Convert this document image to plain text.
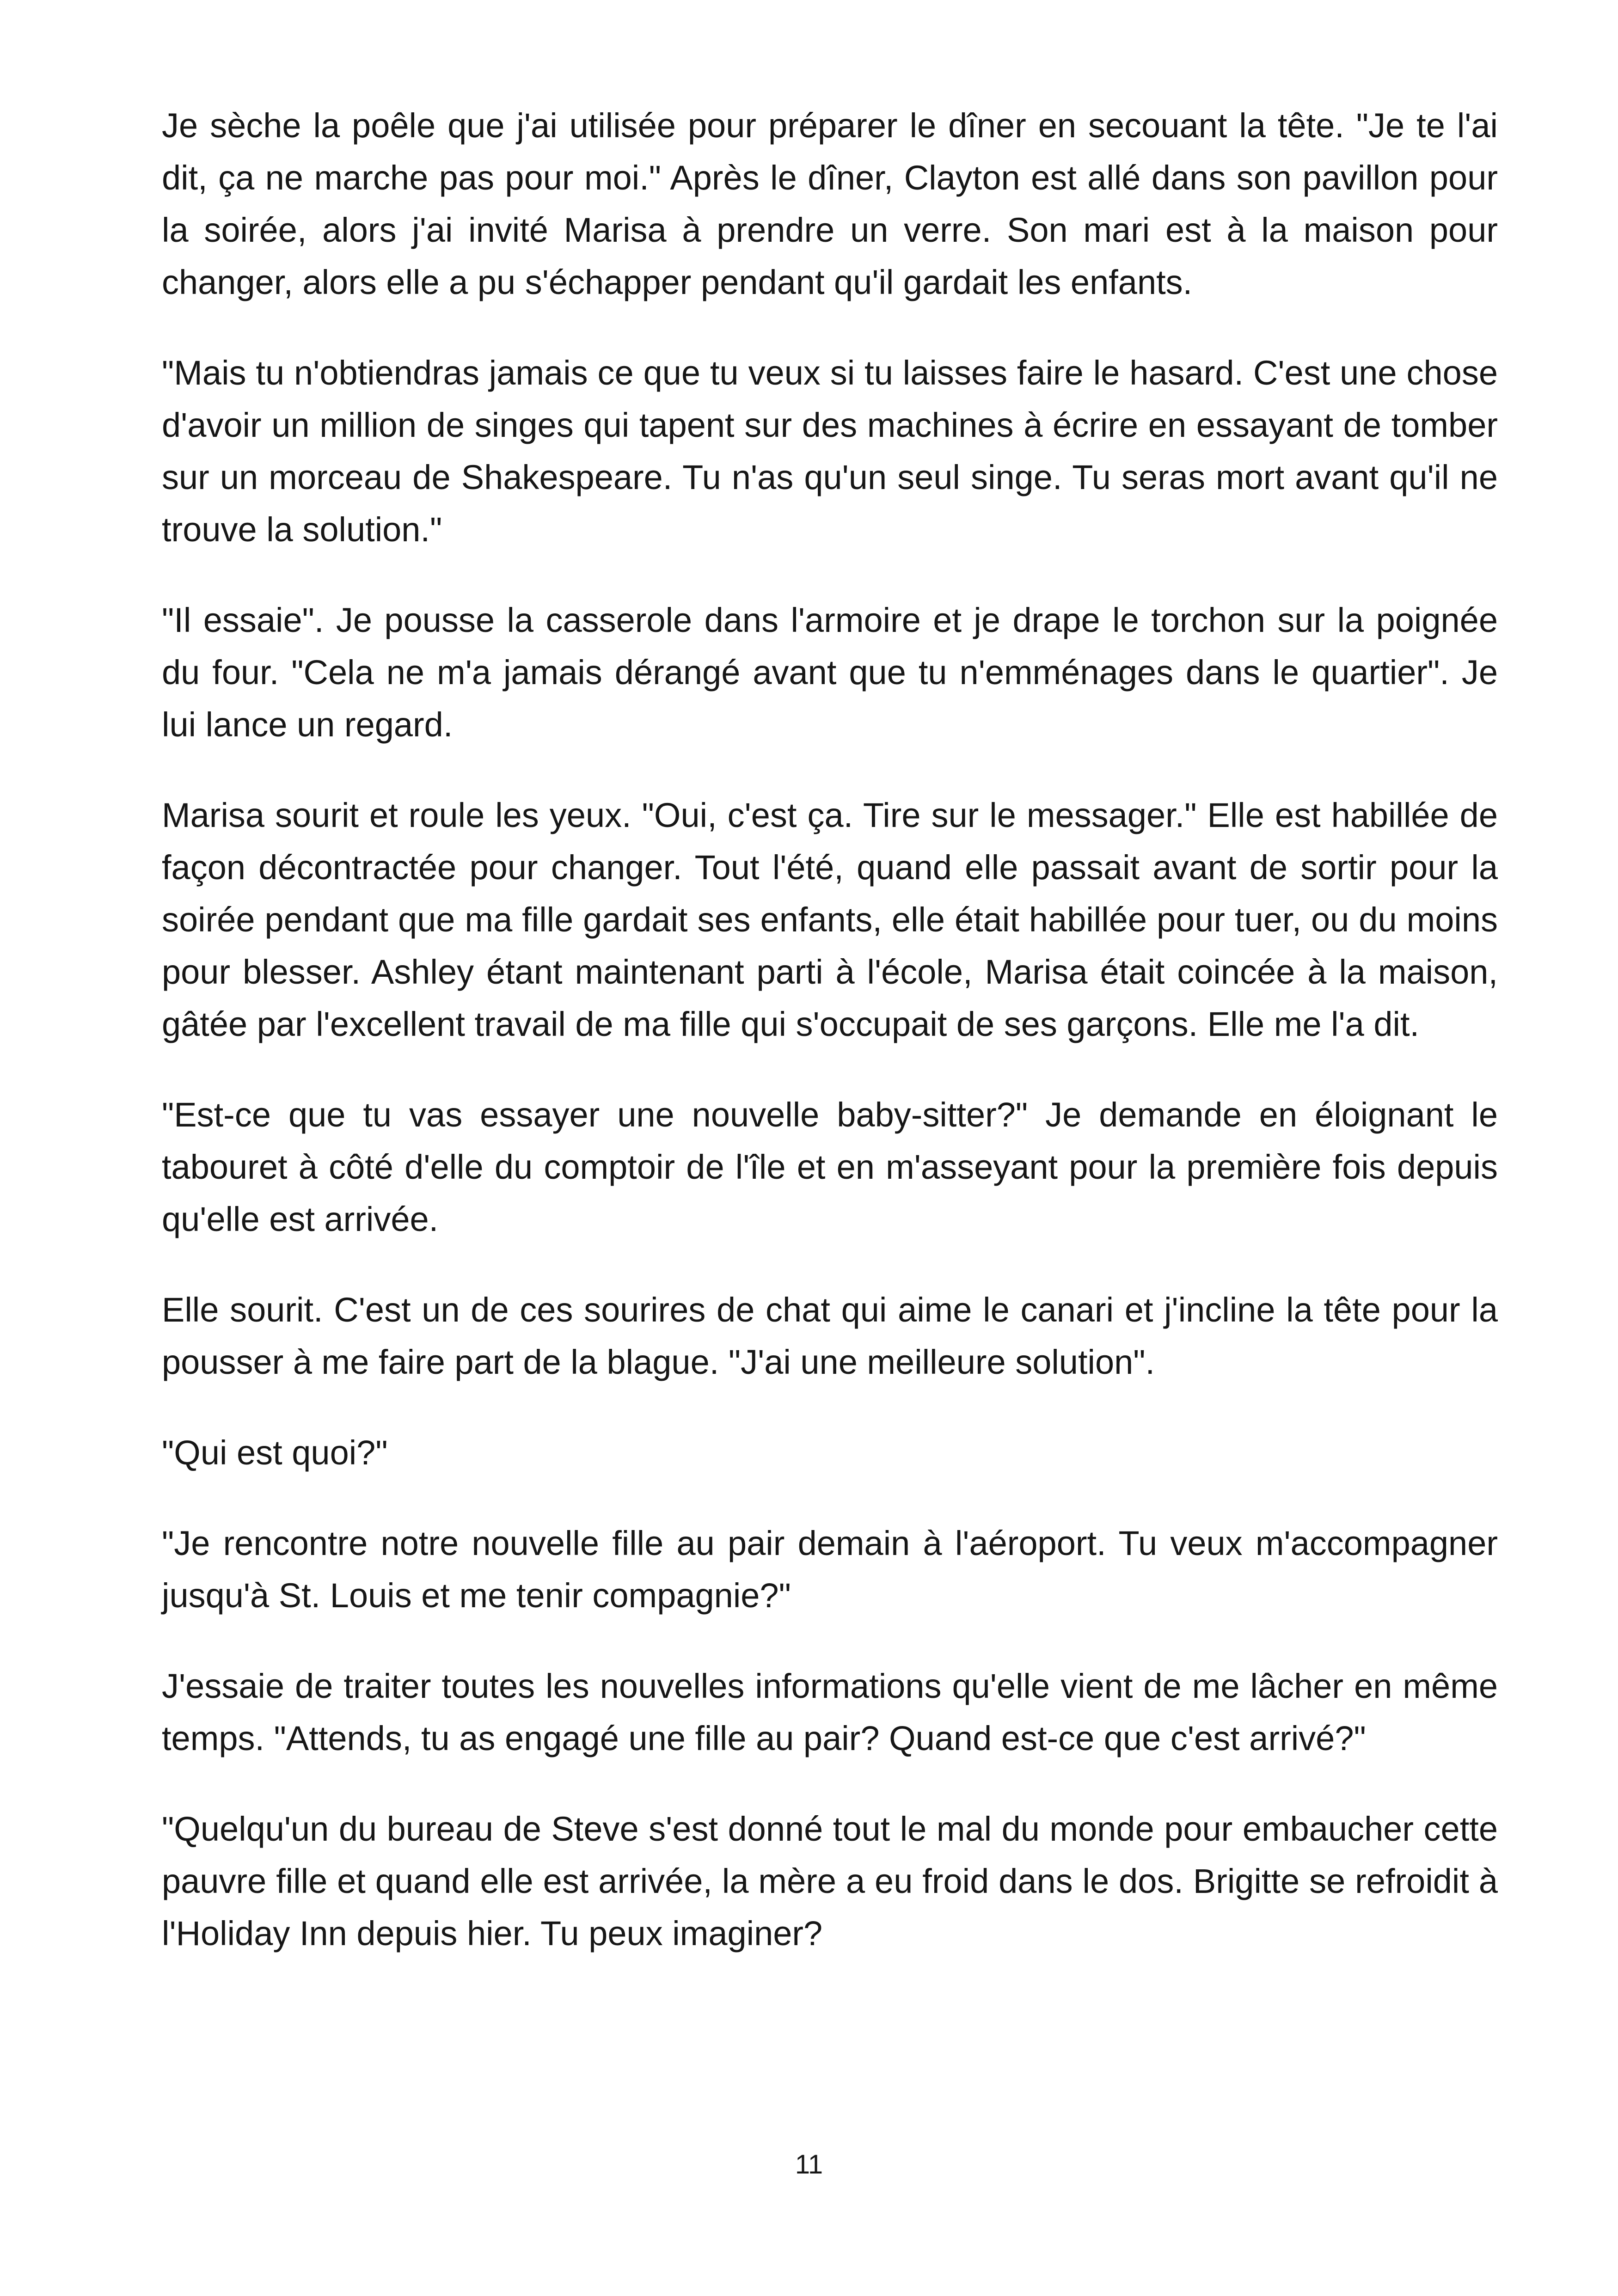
Je sèche la poêle que j'ai utilisée pour préparer le dîner en secouant la tête. "Je te l'ai dit, ça ne marche pas pour moi." Après le dîner, Clayton est allé dans son pavillon pour la soirée, alors j'ai invité Marisa à prendre un verre. Son mari est à la maison pour changer, alors elle a pu s'échapper pendant qu'il gardait les enfants.

"Mais tu n'obtiendras jamais ce que tu veux si tu laisses faire le hasard. C'est une chose d'avoir un million de singes qui tapent sur des machines à écrire en essayant de tomber sur un morceau de Shakespeare. Tu n'as qu'un seul singe. Tu seras mort avant qu'il ne trouve la solution."

"Il essaie". Je pousse la casserole dans l'armoire et je drape le torchon sur la poignée du four. "Cela ne m'a jamais dérangé avant que tu n'emménages dans le quartier". Je lui lance un regard.

Marisa sourit et roule les yeux. "Oui, c'est ça. Tire sur le messager." Elle est habillée de façon décontractée pour changer. Tout l'été, quand elle passait avant de sortir pour la soirée pendant que ma fille gardait ses enfants, elle était habillée pour tuer, ou du moins pour blesser. Ashley étant maintenant parti à l'école, Marisa était coincée à la maison, gâtée par l'excellent travail de ma fille qui s'occupait de ses garçons. Elle me l'a dit.

"Est-ce que tu vas essayer une nouvelle baby-sitter?" Je demande en éloignant le tabouret à côté d'elle du comptoir de l'île et en m'asseyant pour la première fois depuis qu'elle est arrivée.

Elle sourit. C'est un de ces sourires de chat qui aime le canari et j'incline la tête pour la pousser à me faire part de la blague. "J'ai une meilleure solution".

"Qui est quoi?"

"Je rencontre notre nouvelle fille au pair demain à l'aéroport. Tu veux m'accompagner jusqu'à St. Louis et me tenir compagnie?"

J'essaie de traiter toutes les nouvelles informations qu'elle vient de me lâcher en même temps. "Attends, tu as engagé une fille au pair? Quand est-ce que c'est arrivé?"

"Quelqu'un du bureau de Steve s'est donné tout le mal du monde pour embaucher cette pauvre fille et quand elle est arrivée, la mère a eu froid dans le dos. Brigitte se refroidit à l'Holiday Inn depuis hier. Tu peux imaginer?

11
